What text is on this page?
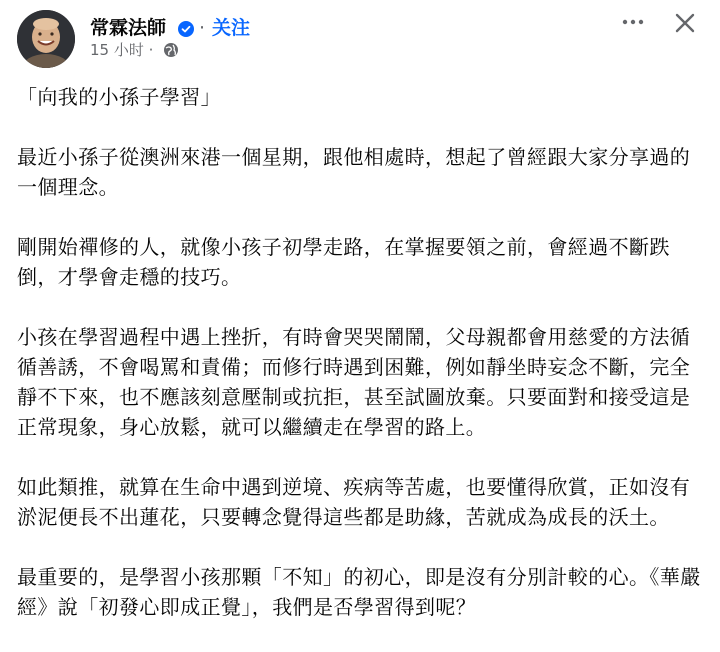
常霖法師 · 关注
15 小时 ·

「向我的小孫子學習」

最近小孫子從澳洲來港一個星期，跟他相處時，想起了曾經跟大家分享過的一個理念。

剛開始禪修的人，就像小孩子初學走路，在掌握要領之前，會經過不斷跌倒，才學會走穩的技巧。

小孩在學習過程中遇上挫折，有時會哭哭鬧鬧，父母親都會用慈愛的方法循循善誘，不會喝罵和責備；而修行時遇到困難，例如靜坐時妄念不斷，完全靜不下來，也不應該刻意壓制或抗拒，甚至試圖放棄。只要面對和接受這是正常現象，身心放鬆，就可以繼續走在學習的路上。

如此類推，就算在生命中遇到逆境、疾病等苦處，也要懂得欣賞，正如沒有淤泥便長不出蓮花，只要轉念覺得這些都是助緣，苦就成為成長的沃土。

最重要的，是學習小孩那顆「不知」的初心，即是沒有分別計較的心。《華嚴經》說「初發心即成正覺」，我們是否學習得到呢？
